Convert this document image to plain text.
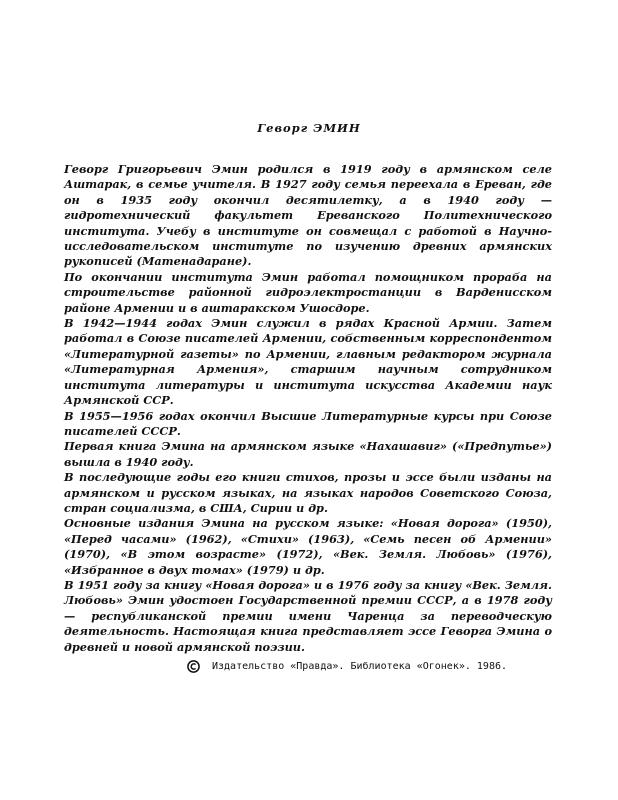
Геворг ЭМИН

Геворг Григорьевич Эмин родился в 1919 году в армянском селе Аштарак, в семье учителя. В 1927 году семья переехала в Ереван, где он в 1935 году окончил десятилетку, а в 1940 году — гидротехнический факультет Ереванского Политехнического института. Учебу в институте он совмещал с работой в Научно-исследовательском институте по изучению древних армянских рукописей (Матенадаране).

По окончании института Эмин работал помощником прораба на строительстве районной гидроэлектростанции в Варденисском районе Армении и в аштаракском Ушосдоре.

В 1942—1944 годах Эмин служил в рядах Красной Армии. Затем работал в Союзе писателей Армении, собственным корреспондентом «Литературной газеты» по Армении, главным редактором журнала «Литературная Армения», старшим научным сотрудником института литературы и института искусства Академии наук Армянской ССР.

В 1955—1956 годах окончил Высшие Литературные курсы при Союзе писателей СССР.

Первая книга Эмина на армянском языке «Нахашавиг» («Предпутье») вышла в 1940 году.

В последующие годы его книги стихов, прозы и эссе были изданы на армянском и русском языках, на языках народов Советского Союза, стран социализма, в США, Сирии и др.

Основные издания Эмина на русском языке: «Новая дорога» (1950), «Перед часами» (1962), «Стихи» (1963), «Семь песен об Армении» (1970), «В этом возрасте» (1972), «Век. Земля. Любовь» (1976), «Избранное в двух томах» (1979) и др.

В 1951 году за книгу «Новая дорога» и в 1976 году за книгу «Век. Земля. Любовь» Эмин удостоен Государственной премии СССР, а в 1978 году — республиканской премии имени Чаренца за переводческую деятельность. Настоящая книга представляет эссе Геворга Эмина о древней и новой армянской поэзии.

Издательство «Правда». Библиотека «Огонек». 1986.
